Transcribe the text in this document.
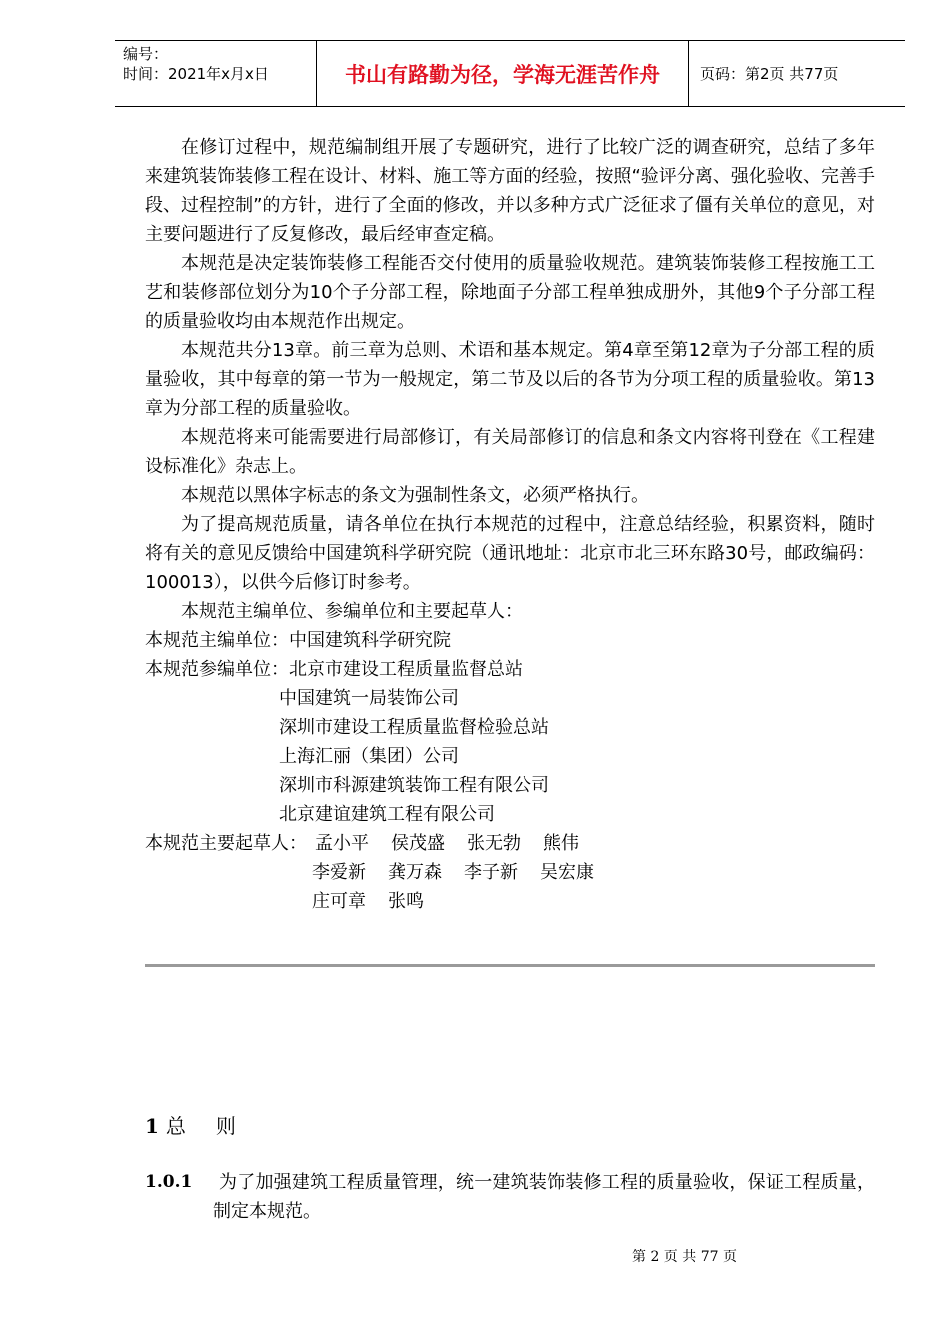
编号：
时间：2021年x月x日	书山有路勤为径，学海无涯苦作舟	页码：第2页 共77页

在修订过程中，规范编制组开展了专题研究，进行了比较广泛的调查研究，总结了多年来建筑装饰装修工程在设计、材料、施工等方面的经验，按照“验评分离、强化验收、完善手段、过程控制”的方针，进行了全面的修改，并以多种方式广泛征求了僵有关单位的意见，对主要问题进行了反复修改，最后经审查定稿。

本规范是决定装饰装修工程能否交付使用的质量验收规范。建筑装饰装修工程按施工工艺和装修部位划分为10个子分部工程，除地面子分部工程单独成册外，其他9个子分部工程的质量验收均由本规范作出规定。

本规范共分13章。前三章为总则、术语和基本规定。第4章至第12章为子分部工程的质量验收，其中每章的第一节为一般规定，第二节及以后的各节为分项工程的质量验收。第13章为分部工程的质量验收。

本规范将来可能需要进行局部修订，有关局部修订的信息和条文内容将刊登在《工程建设标准化》杂志上。

本规范以黑体字标志的条文为强制性条文，必须严格执行。

为了提高规范质量，请各单位在执行本规范的过程中，注意总结经验，积累资料，随时将有关的意见反馈给中国建筑科学研究院（通讯地址：北京市北三环东路30号，邮政编码：100013），以供今后修订时参考。

本规范主编单位、参编单位和主要起草人：

本规范主编单位：中国建筑科学研究院

本规范参编单位：北京市建设工程质量监督总站

中国建筑一局装饰公司

深圳市建设工程质量监督检验总站

上海汇丽（集团）公司

深圳市科源建筑装饰工程有限公司

北京建谊建筑工程有限公司

本规范主要起草人： 孟小平 侯茂盛 张无勃 熊伟
李爱新 龚万森 李子新 吴宏康
庄可章 张鸣
1 总 则
1.0.1	为了加强建筑工程质量管理，统一建筑装饰装修工程的质量验收，保证工程质量，制定本规范。

第 2 页 共 77 页
